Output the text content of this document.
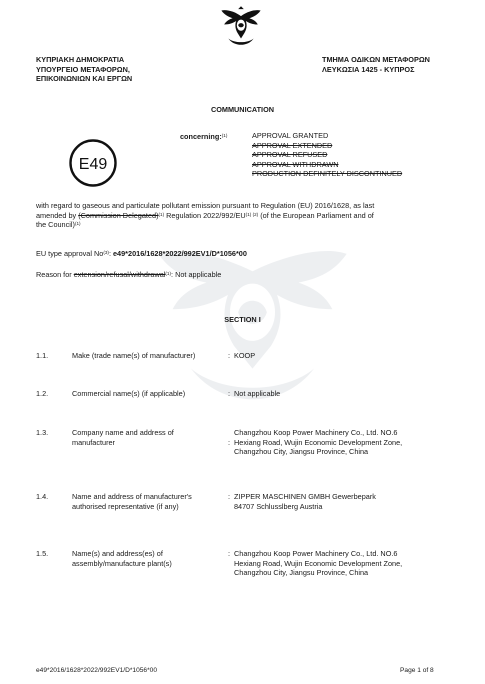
ΚΥΠΡΙΑΚΗ ΔΗΜΟΚΡΑΤΙΑ
ΥΠΟΥΡΓΕΙΟ ΜΕΤΑΦΟΡΩΝ,
ΕΠΙΚΟΙΝΩΝΙΩΝ ΚΑΙ ΕΡΓΩΝ
ΤΜΗΜΑ ΟΔΙΚΩΝ ΜΕΤΑΦΟΡΩΝ
ΛΕΥΚΩΣΙΑ 1425 - ΚΥΠΡΟΣ
COMMUNICATION
E49
concerning:$^{(1)}$	APPROVAL GRANTED
APPROVAL EXTENDED
APPROVAL REFUSED
APPROVAL WITHDRAWN
PRODUCTION DEFINITELY DISCONTINUED
with regard to gaseous and particulate pollutant emission pursuant to Regulation (EU) 2016/1628, as last
amended by (Commission Delegated)$^{(1)}$ Regulation $2022/992/EU^{(1) (2)}$ (of the European Parliament and of
the Council)$^{(1)}$
EU type approval No$^{(3)}$: e49*2016/1628*2022/992EV1/D*1056*00
Reason for extension/refusal/withdrawal$^{(1)}$: Not applicable
SECTION I
1.1.	Make (trade name(s) of manufacturer)	: KOOP
1.2.	Commercial name(s) (if applicable)	: Not applicable
1.3.	Company name and address of manufacturer	:
Changzhou Koop Power Machinery Co., Ltd. NO.6 Hexiang Road, Wujin Economic Development Zone, Changzhou City, Jiangsu Province, China
1.4.	Name and address of manufacturer's authorised representative (if any)
: ZIPPER MASCHINEN GMBH Gewerbepark 84707 Schlusslberg Austria
1.5.	Name(s) and address(es) of assembly/manufacture plant(s)
: Changzhou Koop Power Machinery Co., Ltd. NO.6 Hexiang Road, Wujin Economic Development Zone, Changzhou City, Jiangsu Province, China
e49*2016/1628*2022/992EV1/D*1056*00	Page 1 of 8
